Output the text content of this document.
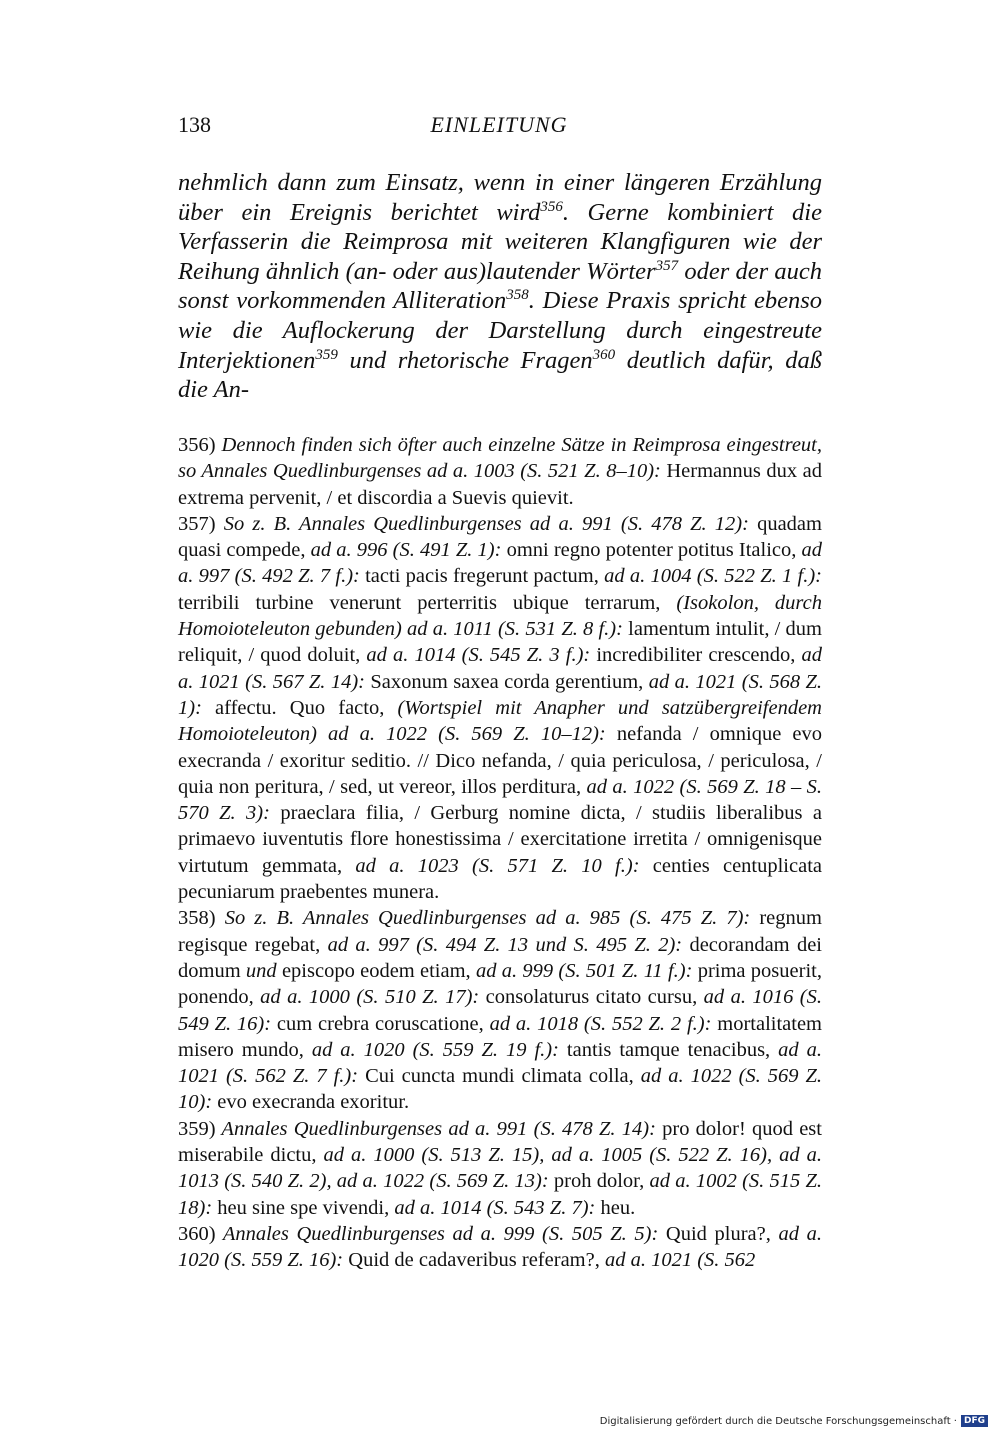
138	EINLEITUNG
nehmlich dann zum Einsatz, wenn in einer längeren Erzählung über ein Ereignis berichtet wird$^{356}$. Gerne kombiniert die Verfasserin die Reimprosa mit weiteren Klangfiguren wie der Reihung ähnlich (an- oder aus)lautender Wörter$^{357}$ oder der auch sonst vorkommenden Alliteration$^{358}$. Diese Praxis spricht ebenso wie die Auflockerung der Darstellung durch eingestreute Interjektionen$^{359}$ und rhetorische Fragen$^{360}$ deutlich dafür, daß die An-

356) Dennoch finden sich öfter auch einzelne Sätze in Reimprosa eingestreut, so Annales Quedlinburgenses ad a. 1003 (S. 521 Z. 8–10): Hermannus dux ad extrema pervenit, / et discordia a Suevis quievit.

357) So z. B. Annales Quedlinburgenses ad a. 991 (S. 478 Z. 12): quadam quasi compede, ad a. 996 (S. 491 Z. 1): omni regno potenter potitus Italico, ad a. 997 (S. 492 Z. 7 f.): tacti pacis fregerunt pactum, ad a. 1004 (S. 522 Z. 1 f.): terribili turbine venerunt perterritis ubique terrarum, (Isokolon, durch Homoioteleuton gebunden) ad a. 1011 (S. 531 Z. 8 f.): lamentum intulit, / dum reliquit, / quod doluit, ad a. 1014 (S. 545 Z. 3 f.): incredibiliter crescendo, ad a. 1021 (S. 567 Z. 14): Saxonum saxea corda gerentium, ad a. 1021 (S. 568 Z. 1): affectu. Quo facto, (Wortspiel mit Anapher und satzübergreifendem Homoioteleuton) ad a. 1022 (S. 569 Z. 10–12): nefanda / omnique evo execranda / exoritur seditio. // Dico nefanda, / quia periculosa, / periculosa, / quia non peritura, / sed, ut vereor, illos perditura, ad a. 1022 (S. 569 Z. 18 – S. 570 Z. 3): praeclara filia, / Gerburg nomine dicta, / studiis liberalibus a primaevo iuventutis flore honestissima / exercitatione irretita / omnigenisque virtutum gemmata, ad a. 1023 (S. 571 Z. 10 f.): centies centuplicata pecuniarum praebentes munera.

358) So z. B. Annales Quedlinburgenses ad a. 985 (S. 475 Z. 7): regnum regisque regebat, ad a. 997 (S. 494 Z. 13 und S. 495 Z. 2): decorandam dei domum und episcopo eodem etiam, ad a. 999 (S. 501 Z. 11 f.): prima posuerit, ponendo, ad a. 1000 (S. 510 Z. 17): consolaturus citato cursu, ad a. 1016 (S. 549 Z. 16): cum crebra coruscatione, ad a. 1018 (S. 552 Z. 2 f.): mortalitatem misero mundo, ad a. 1020 (S. 559 Z. 19 f.): tantis tamque tenacibus, ad a. 1021 (S. 562 Z. 7 f.): Cui cuncta mundi climata colla, ad a. 1022 (S. 569 Z. 10): evo execranda exoritur.

359) Annales Quedlinburgenses ad a. 991 (S. 478 Z. 14): pro dolor! quod est miserabile dictu, ad a. 1000 (S. 513 Z. 15), ad a. 1005 (S. 522 Z. 16), ad a. 1013 (S. 540 Z. 2), ad a. 1022 (S. 569 Z. 13): proh dolor, ad a. 1002 (S. 515 Z. 18): heu sine spe vivendi, ad a. 1014 (S. 543 Z. 7): heu.

360) Annales Quedlinburgenses ad a. 999 (S. 505 Z. 5): Quid plura?, ad a. 1020 (S. 559 Z. 16): Quid de cadaveribus referam?, ad a. 1021 (S. 562

Digitalisierung gefördert durch die Deutsche Forschungsgemeinschaft · DFG
